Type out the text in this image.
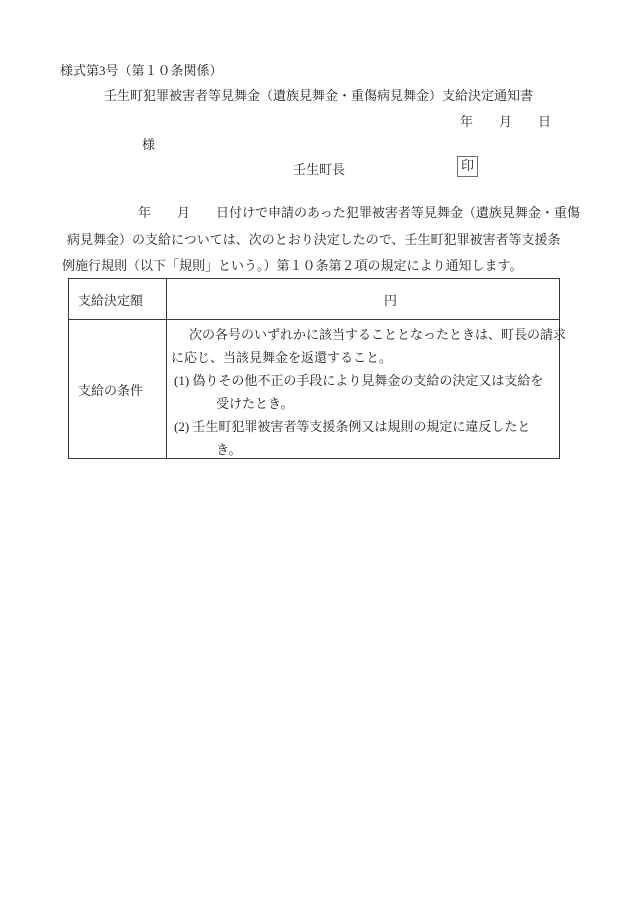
様式第3号（第１０条関係）
壬生町犯罪被害者等見舞金（遺族見舞金・重傷病見舞金）支給決定通知書
年　　月　　日
様
壬生町長	印
年　　月　　日付けで申請のあった犯罪被害者等見舞金（遺族見舞金・重傷
病見舞金）の支給については、次のとおり決定したので、壬生町犯罪被害者等支援条
例施行規則（以下「規則」という。）第１０条第２項の規定により通知します。
支給決定額	円
支給の条件
次の各号のいずれかに該当することとなったときは、町長の請求
に応じ、当該見舞金を返還すること。
(1) 偽りその他不正の手段により見舞金の支給の決定又は支給を
受けたとき。
(2) 壬生町犯罪被害者等支援条例又は規則の規定に違反したと
き。
